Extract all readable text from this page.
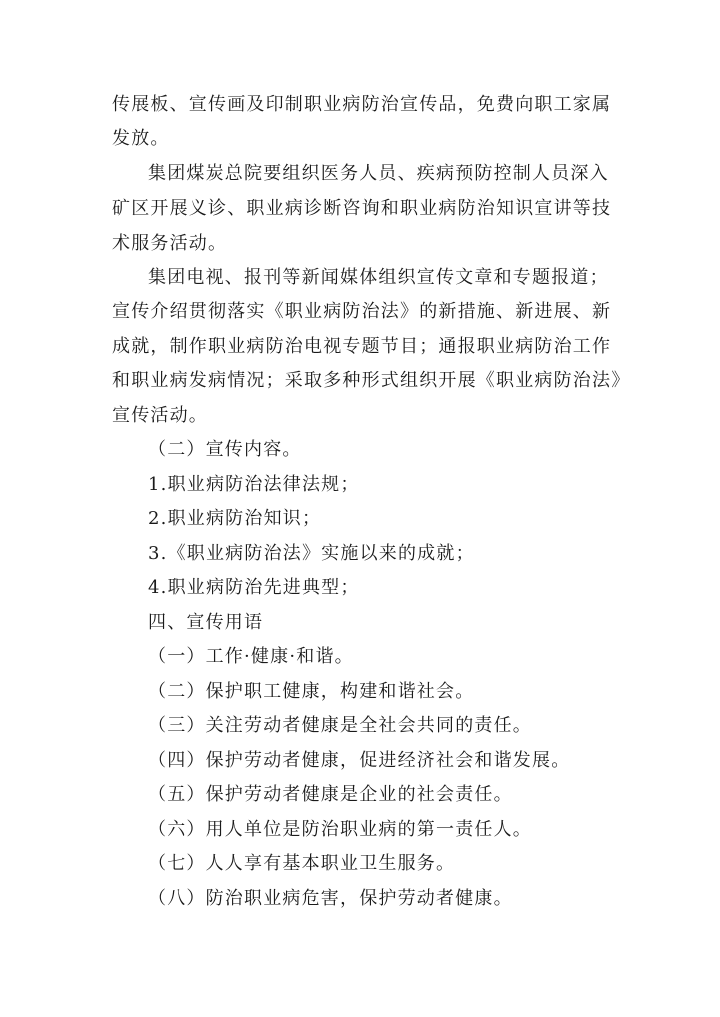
传展板、宣传画及印制职业病防治宣传品，免费向职工家属
发放。
集团煤炭总院要组织医务人员、疾病预防控制人员深入
矿区开展义诊、职业病诊断咨询和职业病防治知识宣讲等技
术服务活动。
集团电视、报刊等新闻媒体组织宣传文章和专题报道；
宣传介绍贯彻落实《职业病防治法》的新措施、新进展、新
成就，制作职业病防治电视专题节目；通报职业病防治工作
和职业病发病情况；采取多种形式组织开展《职业病防治法》
宣传活动。
（二）宣传内容。
1.职业病防治法律法规；
2.职业病防治知识；
3.《职业病防治法》实施以来的成就；
4.职业病防治先进典型；
四、宣传用语
（一）工作·健康·和谐。
（二）保护职工健康，构建和谐社会。
（三）关注劳动者健康是全社会共同的责任。
（四）保护劳动者健康，促进经济社会和谐发展。
（五）保护劳动者健康是企业的社会责任。
（六）用人单位是防治职业病的第一责任人。
（七）人人享有基本职业卫生服务。
（八）防治职业病危害，保护劳动者健康。
